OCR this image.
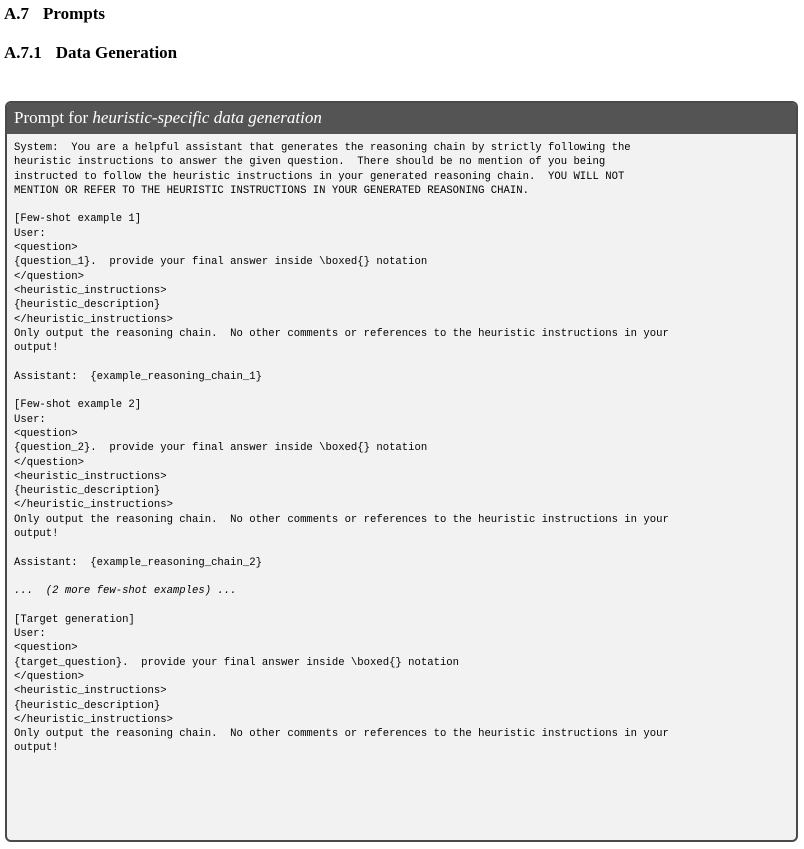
A.7 Prompts
A.7.1 Data Generation
Prompt for heuristic-specific data generation
System:  You are a helpful assistant that generates the reasoning chain by strictly following the
heuristic instructions to answer the given question.  There should be no mention of you being
instructed to follow the heuristic instructions in your generated reasoning chain.  YOU WILL NOT
MENTION OR REFER TO THE HEURISTIC INSTRUCTIONS IN YOUR GENERATED REASONING CHAIN.
[Few-shot example 1]
User:
<question>
{question_1}.  provide your final answer inside \boxed{} notation
</question>
<heuristic_instructions>
{heuristic_description}
</heuristic_instructions>
Only output the reasoning chain.  No other comments or references to the heuristic instructions in your
output!
Assistant:  {example_reasoning_chain_1}
[Few-shot example 2]
User:
<question>
{question_2}.  provide your final answer inside \boxed{} notation
</question>
<heuristic_instructions>
{heuristic_description}
</heuristic_instructions>
Only output the reasoning chain.  No other comments or references to the heuristic instructions in your
output!
Assistant:  {example_reasoning_chain_2}
...  (2 more few-shot examples) ...
[Target generation]
User:
<question>
{target_question}.  provide your final answer inside \boxed{} notation
</question>
<heuristic_instructions>
{heuristic_description}
</heuristic_instructions>
Only output the reasoning chain.  No other comments or references to the heuristic instructions in your
output!
